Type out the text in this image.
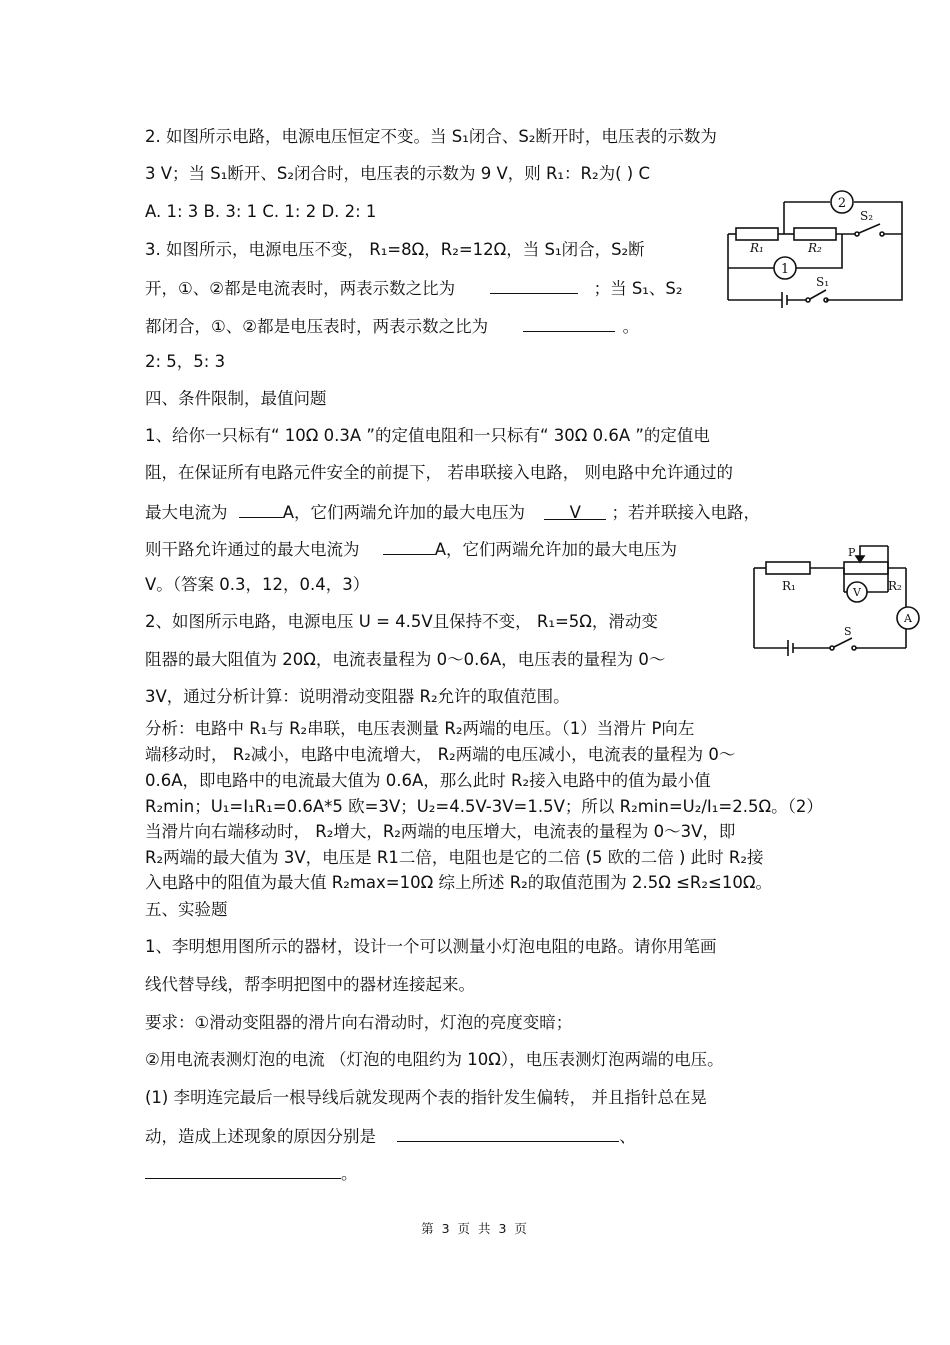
2. 如图所示电路，电源电压恒定不变。当 S₁闭合、S₂断开时，电压表的示数为
3 V；当 S₁断开、S₂闭合时，电压表的示数为 9 V，则 R₁：R₂为( ) C
A. 1: 3 B. 3: 1 C. 1: 2 D. 2: 1
3. 如图所示，电源电压不变， R₁=8Ω，R₂=12Ω，当 S₁闭合，S₂断
开，①、②都是电流表时，两表示数之比为	；当 S₁、S₂
都闭合，①、②都是电压表时，两表示数之比为	。
2: 5，5: 3
四、条件限制，最值问题
1、给你一只标有“ 10Ω 0.3A ”的定值电阻和一只标有“ 30Ω 0.6A ”的定值电
阻，在保证所有电路元件安全的前提下， 若串联接入电路， 则电路中允许通过的
最大电流为	A，它们两端允许加的最大电压为	V ；若并联接入电路，
则干路允许通过的最大电流为	A，它们两端允许加的最大电压为
V。（答案 0.3，12，0.4，3）
2、如图所示电路，电源电压 U = 4.5V且保持不变， R₁=5Ω，滑动变
阻器的最大阻值为 20Ω，电流表量程为 0～0.6A，电压表的量程为 0～
3V，通过分析计算：说明滑动变阻器 R₂允许的取值范围。
分析：电路中 R₁与 R₂串联，电压表测量 R₂两端的电压。（1）当滑片 P向左
端移动时， R₂减小，电路中电流增大， R₂两端的电压减小，电流表的量程为 0～
0.6A，即电路中的电流最大值为 0.6A，那么此时 R₂接入电路中的值为最小值
R₂min；U₁=I₁R₁=0.6A*5 欧=3V；U₂=4.5V-3V=1.5V；所以 R₂min=U₂/I₁=2.5Ω。（2）
当滑片向右端移动时， R₂增大，R₂两端的电压增大，电流表的量程为 0～3V，即
R₂两端的最大值为 3V，电压是 R1二倍，电阻也是它的二倍 (5 欧的二倍 ) 此时 R₂接
入电路中的阻值为最大值 R₂max=10Ω 综上所述 R₂的取值范围为 2.5Ω ≤R₂≤10Ω。
五、实验题
1、李明想用图所示的器材，设计一个可以测量小灯泡电阻的电路。请你用笔画
线代替导线，帮李明把图中的器材连接起来。
要求：①滑动变阻器的滑片向右滑动时，灯泡的亮度变暗；
②用电流表测灯泡的电流 （灯泡的电阻约为 10Ω），电压表测灯泡两端的电压。
(1) 李明连完最后一根导线后就发现两个表的指针发生偏转， 并且指针总在晃
动，造成上述现象的原因分别是	、
。
第 3 页 共 3 页
2
R₁	R₂
S₂
1
S₁
R₁	R₂
P
V
A
S
